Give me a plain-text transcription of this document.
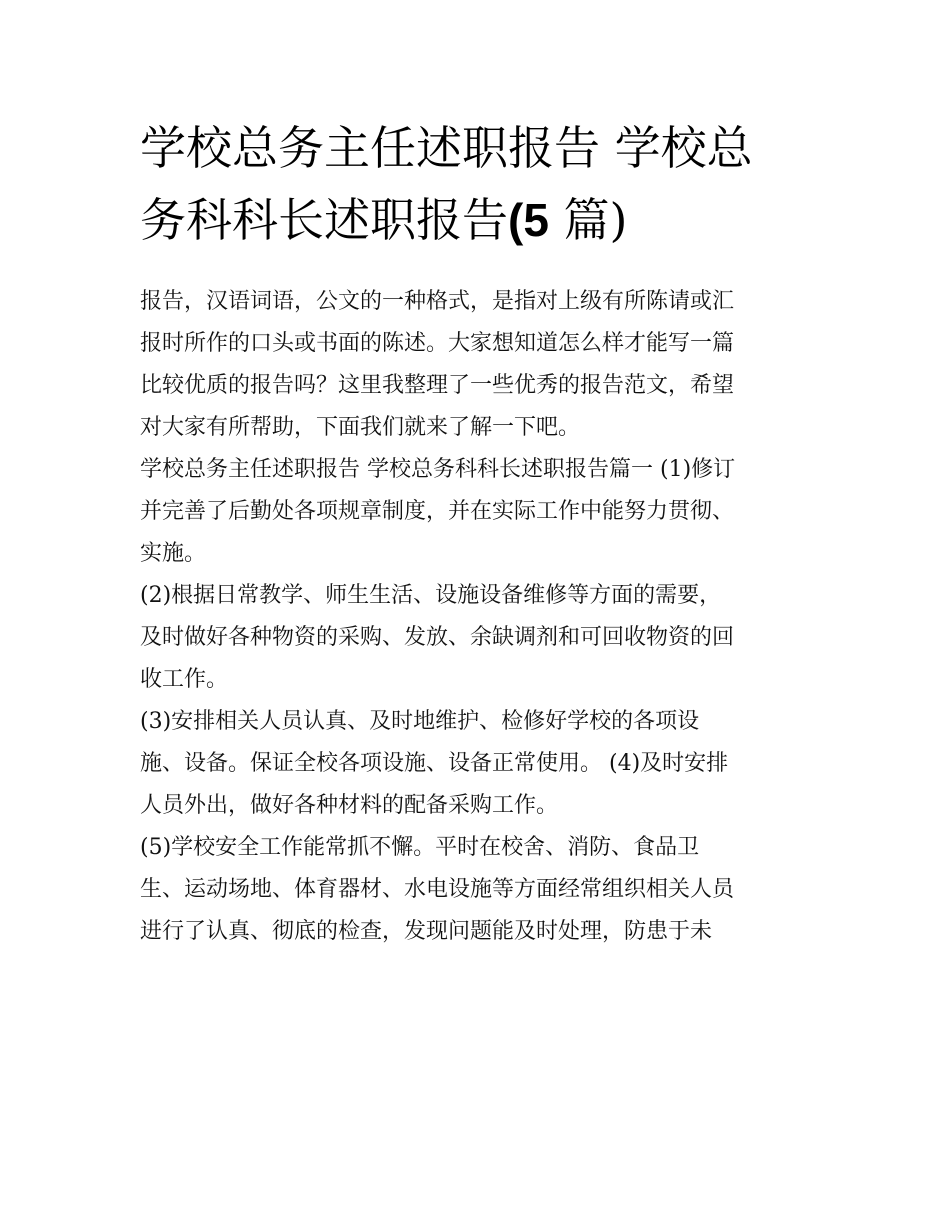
学校总务主任述职报告 学校总
务科科长述职报告(5 篇)
报告，汉语词语，公文的一种格式，是指对上级有所陈请或汇
报时所作的口头或书面的陈述。大家想知道怎么样才能写一篇
比较优质的报告吗？这里我整理了一些优秀的报告范文，希望
对大家有所帮助，下面我们就来了解一下吧。
学校总务主任述职报告 学校总务科科长述职报告篇一 (1)修订
并完善了后勤处各项规章制度，并在实际工作中能努力贯彻、
实施。
(2)根据日常教学、师生生活、设施设备维修等方面的需要，
及时做好各种物资的采购、发放、余缺调剂和可回收物资的回
收工作。
(3)安排相关人员认真、及时地维护、检修好学校的各项设
施、设备。保证全校各项设施、设备正常使用。 (4)及时安排
人员外出，做好各种材料的配备采购工作。
(5)学校安全工作能常抓不懈。平时在校舍、消防、食品卫
生、运动场地、体育器材、水电设施等方面经常组织相关人员
进行了认真、彻底的检查，发现问题能及时处理，防患于未
